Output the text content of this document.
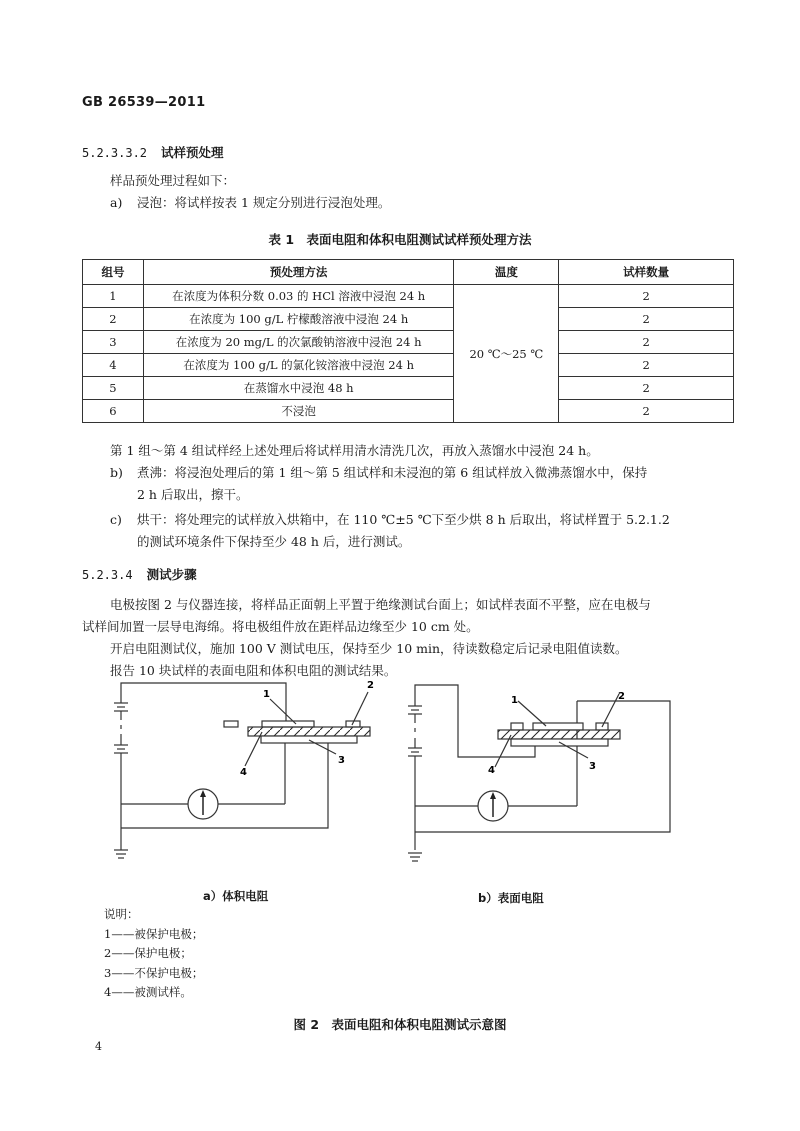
GB 26539—2011
5.2.3.3.2 试样预处理
样品预处理过程如下：
a) 浸泡：将试样按表 1 规定分别进行浸泡处理。
表 1　表面电阻和体积电阻测试试样预处理方法
组号	预处理方法	温度	试样数量
1	在浓度为体积分数 0.03 的 HCl 溶液中浸泡 24 h	20 ℃～25 ℃	2
2	在浓度为 100 g/L 柠檬酸溶液中浸泡 24 h		2
3	在浓度为 20 mg/L 的次氯酸钠溶液中浸泡 24 h		2
4	在浓度为 100 g/L 的氯化铵溶液中浸泡 24 h		2
5	在蒸馏水中浸泡 48 h		2
6	不浸泡		2
第 1 组～第 4 组试样经上述处理后将试样用清水清洗几次，再放入蒸馏水中浸泡 24 h。
b) 煮沸：将浸泡处理后的第 1 组～第 5 组试样和未浸泡的第 6 组试样放入微沸蒸馏水中，保持
2 h 后取出，擦干。
c) 烘干：将处理完的试样放入烘箱中，在 110 ℃±5 ℃下至少烘 8 h 后取出，将试样置于 5.2.1.2
的测试环境条件下保持至少 48 h 后，进行测试。
5.2.3.4 测试步骤
电极按图 2 与仪器连接，将样品正面朝上平置于绝缘测试台面上；如试样表面不平整，应在电极与
试样间加置一层导电海绵。将电极组件放在距样品边缘至少 10 cm 处。
开启电阻测试仪，施加 100 V 测试电压，保持至少 10 min，待读数稳定后记录电阻值读数。
报告 10 块试样的表面电阻和体积电阻的测试结果。
1
2
3
4
1	2
3
4
a）体积电阻	b）表面电阻
说明：
1——被保护电极；
2——保护电极；
3——不保护电极；
4——被测试样。
图 2　表面电阻和体积电阻测试示意图
4
